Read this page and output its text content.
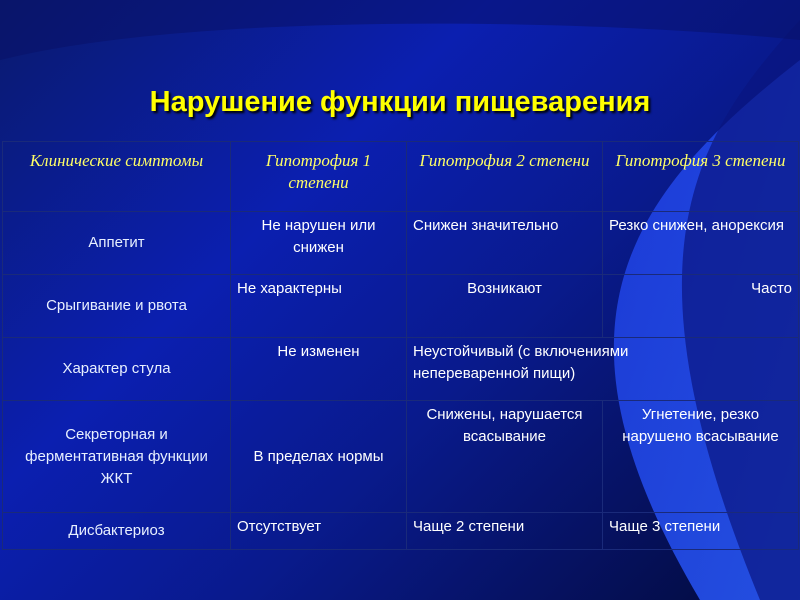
Нарушение функции пищеварения
Клинические симптомы	Гипотрофия 1 степени	Гипотрофия 2 степени	Гипотрофия 3 степени
Аппетит	Не нарушен или снижен	Снижен значительно	Резко снижен, анорексия
Срыгивание и рвота	Не характерны	Возникают	Часто
Характер стула	Не изменен	Неустойчивый (с включениями непереваренной пищи)	
Секреторная и ферментативная функции ЖКТ	В пределах нормы	Снижены, нарушается всасывание	Угнетение, резко нарушено всасывание
Дисбактериоз	Отсутствует	Чаще 2 степени	Чаще 3 степени
